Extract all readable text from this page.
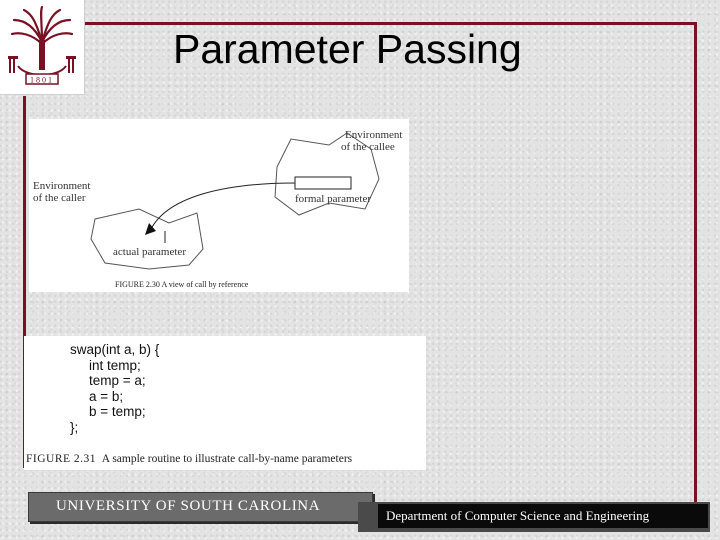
1801
Parameter Passing
Environment
of the callee
Environment
of the caller	formal parameter
actual parameter
FIGURE 2.30 A view of call by reference
swap(int a, b) {
int temp;
temp = a;
a = b;
b = temp;
};
FIGURE 2.31 A sample routine to illustrate call-by-name parameters
UNIVERSITY OF SOUTH CAROLINA
Department of Computer Science and Engineering
